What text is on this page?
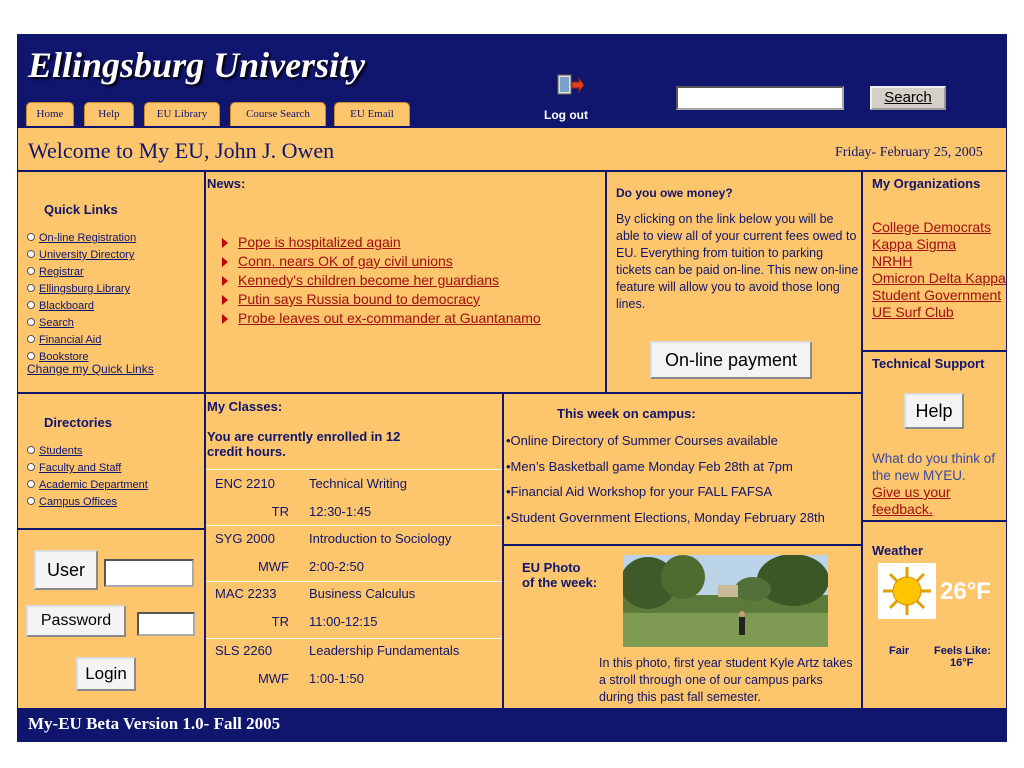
Ellingsburg University
Home	Help	EU Library	Course Search	EU Email	Log out
Search
Welcome to My EU, John J. Owen	Friday- February 25, 2005
Quick Links
On-line Registration
University Directory
Registrar
Ellingsburg Library
Blackboard
Search
Financial Aid
Bookstore
Change my Quick Links
News:
Pope is hospitalized again
Conn. nears OK of gay civil unions
Kennedy's children become her guardians
Putin says Russia bound to democracy
Probe leaves out ex-commander at Guantanamo
Do you owe money?
By clicking on the link below you will be able to view all of your current fees owed to EU. Everything from tuition to parking tickets can be paid on-line. This new on-line feature will allow you to avoid those long lines.
On-line payment
My Organizations
College Democrats
Kappa Sigma
NRHH
Omicron Delta Kappa
Student Government
UE Surf Club
Technical Support
Help
What do you think of the new MYEU.
Give us your feedback.
Directories
Students
Faculty and Staff
Academic Department
Campus Offices
User
Password
Login
My Classes:
You are currently enrolled in 12 credit hours.
ENC 2210	Technical Writing
TR 12:30-1:45
SYG 2000	Introduction to Sociology
MWF 2:00-2:50
MAC 2233	Business Calculus
TR 11:00-12:15
SLS 2260	Leadership Fundamentals
MWF 1:00-1:50
This week on campus:
•Online Directory of Summer Courses available
•Men’s Basketball game Monday Feb 28th at 7pm
•Financial Aid Workshop for your FALL FAFSA
•Student Government Elections, Monday February 28th
EU Photo
of the week:
In this photo, first year student Kyle Artz takes a stroll through one of our campus parks during this past fall semester.
Weather
26°F
Fair Feels Like:
16°F
My-EU Beta Version 1.0- Fall 2005
